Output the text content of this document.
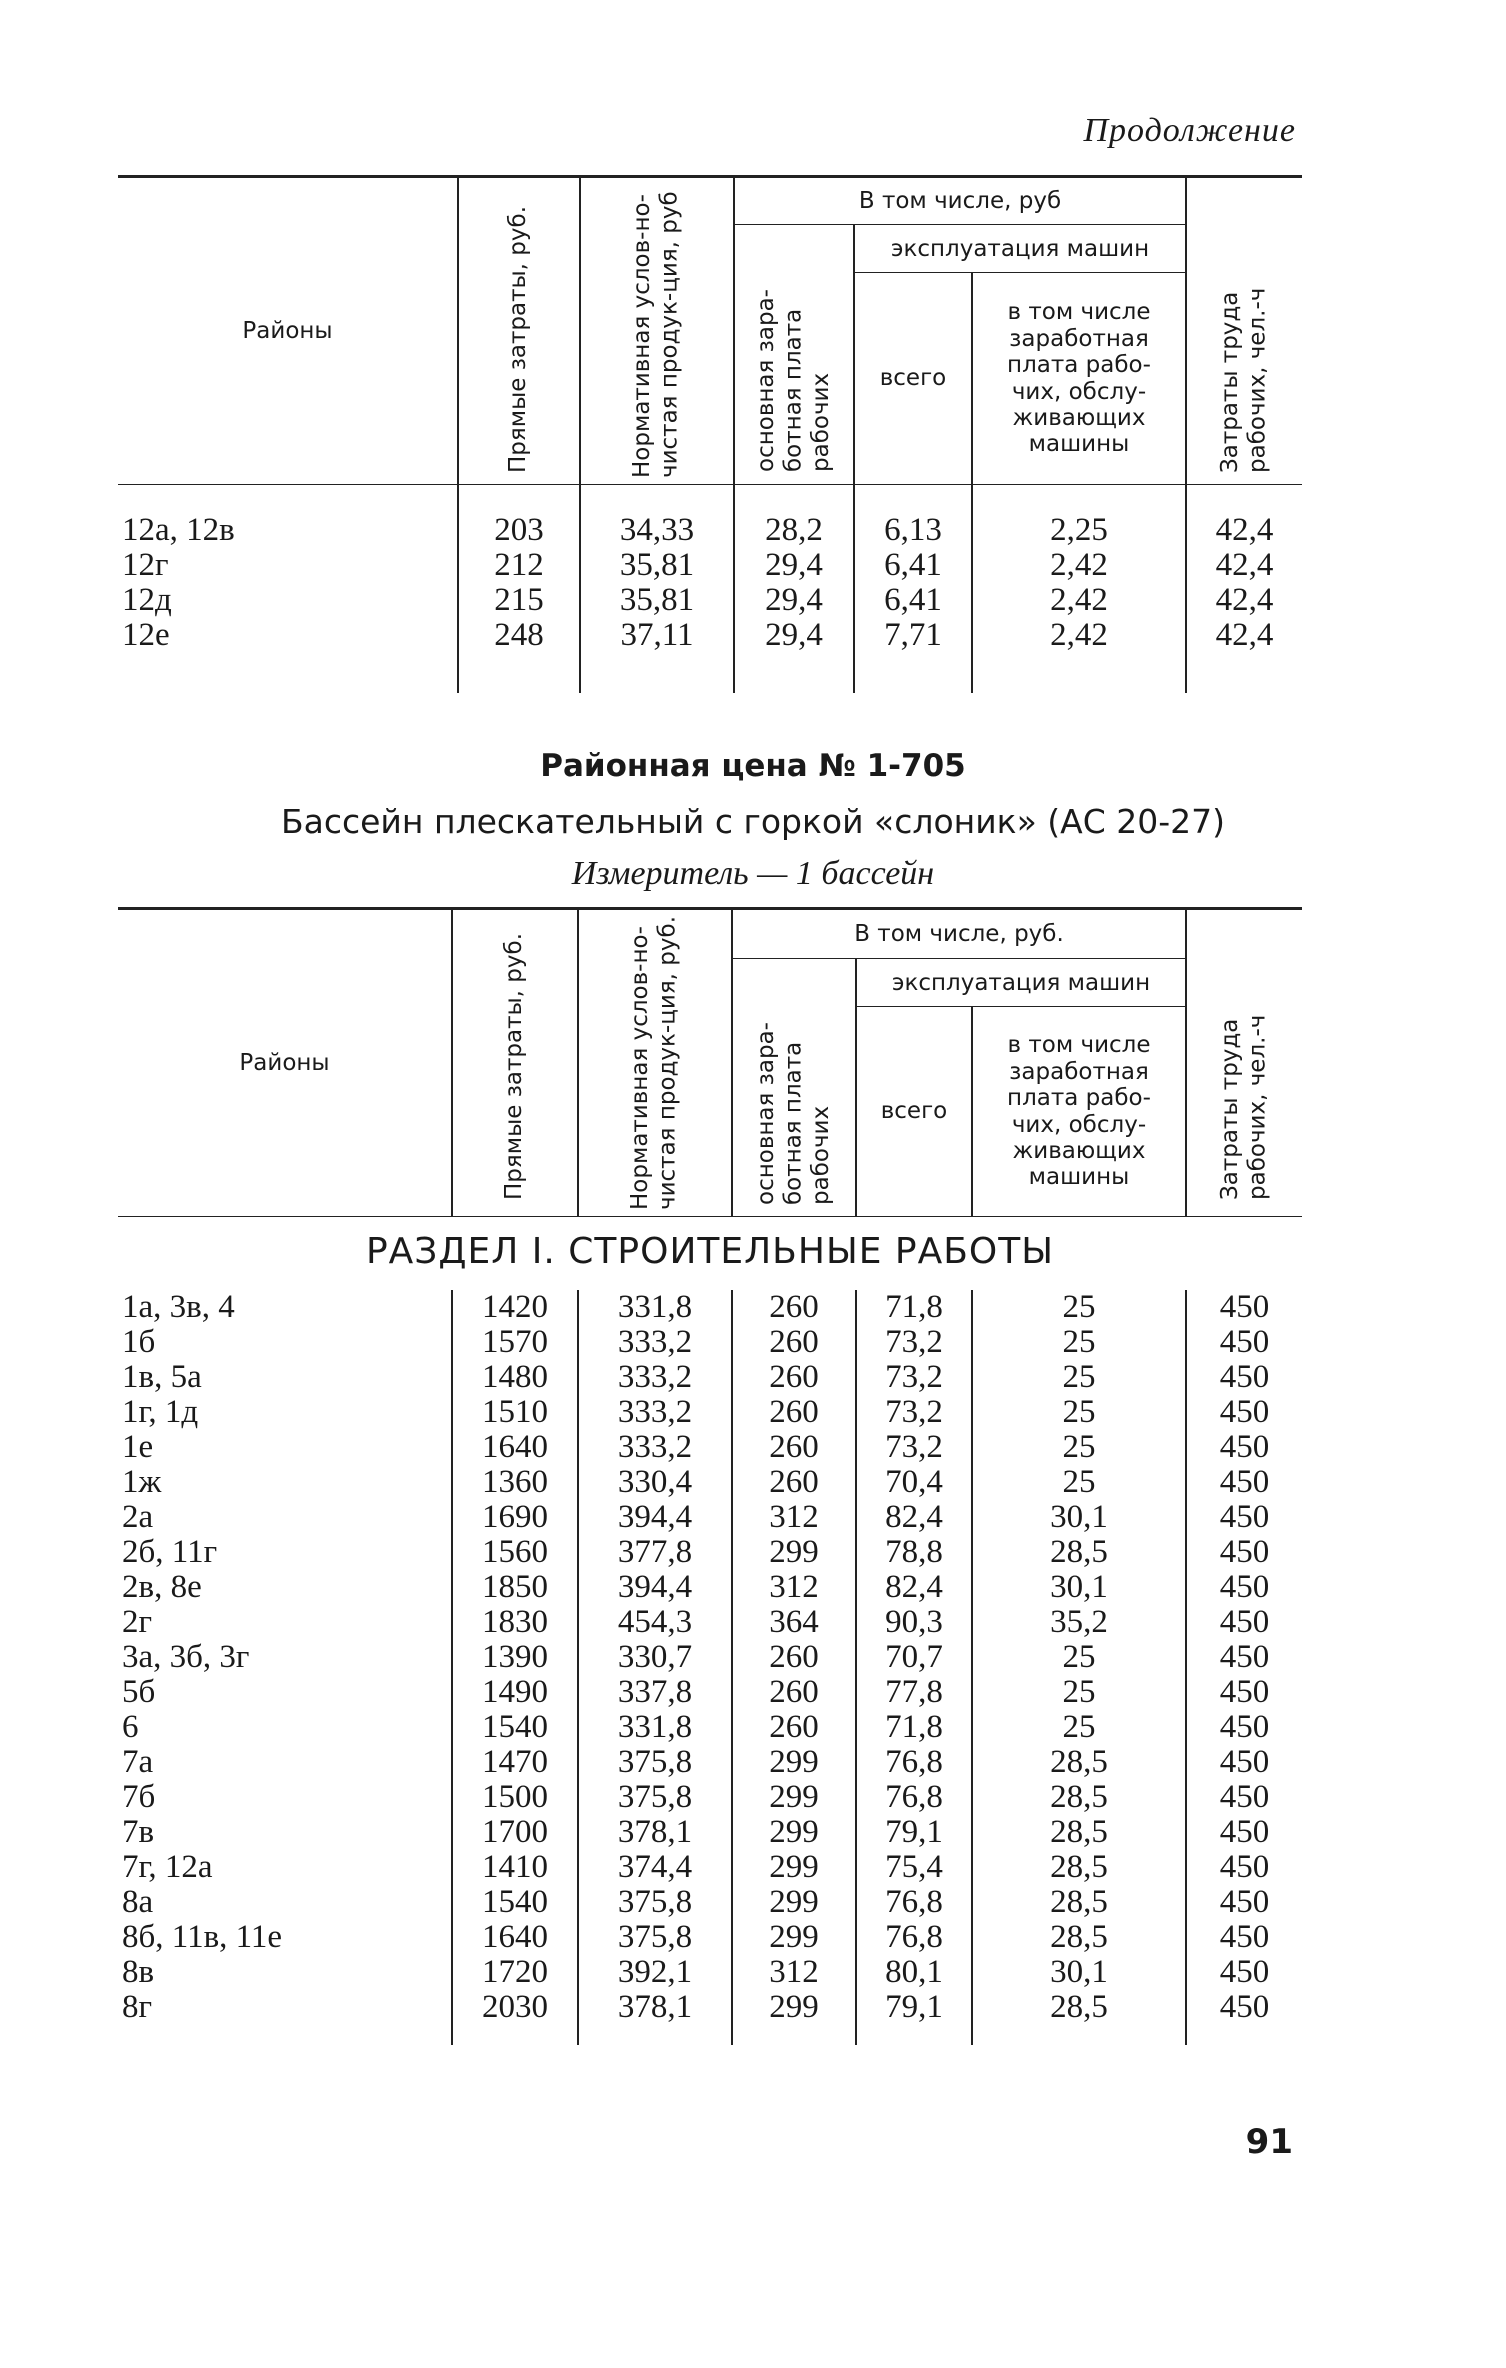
Продолжение
Районы	Прямые затраты, руб.	Нормативная услов-но-чистая продук-ция, руб	В том числе, руб			Затраты труда рабочих, чел.-ч
			основная зара-ботная плата рабочих	эксплуатация машин		
				всего	в том числе заработная плата рабо-чих, обслу-живающих машины	

12а, 12в	203	34,33	28,2	6,13	2,25	42,4
12г	212	35,81	29,4	6,41	2,42	42,4
12д	215	35,81	29,4	6,41	2,42	42,4
12е	248	37,11	29,4	7,71	2,42	42,4

Районная цена № 1-705
Бассейн плескательный с горкой «слоник» (АС 20-27)
Измеритель — 1 бассейн
Районы	Прямые затраты, руб.	Нормативная услов-но-чистая продук-ция, руб.	В том числе, руб.			Затраты труда рабочих, чел.-ч
			основная зара-ботная плата рабочих	эксплуатация машин		
				всего	в том числе заработная плата рабо-чих, обслу-живающих машины	
РАЗДЕЛ I. СТРОИТЕЛЬНЫЕ РАБОТЫ						
1а, 3в, 4	1420	331,8	260	71,8	25	450
1б	1570	333,2	260	73,2	25	450
1в, 5а	1480	333,2	260	73,2	25	450
1г, 1д	1510	333,2	260	73,2	25	450
1е	1640	333,2	260	73,2	25	450
1ж	1360	330,4	260	70,4	25	450
2а	1690	394,4	312	82,4	30,1	450
2б, 11г	1560	377,8	299	78,8	28,5	450
2в, 8е	1850	394,4	312	82,4	30,1	450
2г	1830	454,3	364	90,3	35,2	450
3а, 3б, 3г	1390	330,7	260	70,7	25	450
5б	1490	337,8	260	77,8	25	450
6	1540	331,8	260	71,8	25	450
7а	1470	375,8	299	76,8	28,5	450
7б	1500	375,8	299	76,8	28,5	450
7в	1700	378,1	299	79,1	28,5	450
7г, 12а	1410	374,4	299	75,4	28,5	450
8а	1540	375,8	299	76,8	28,5	450
8б, 11в, 11е	1640	375,8	299	76,8	28,5	450
8в	1720	392,1	312	80,1	30,1	450
8г	2030	378,1	299	79,1	28,5	450

91
